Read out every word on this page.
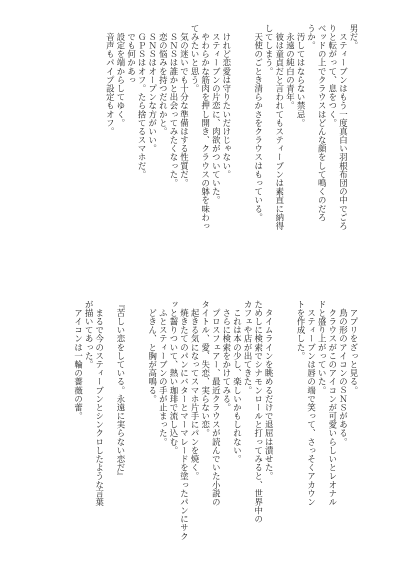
男だ。
　スティーブンはもう一度真白い羽根布団の中でごろ
りと転がって、息をつく。
ベッドの上でクラウスはどんな顔をして鳴くのだろ
うか。
　汚してはならない禁忌。
　永遠の純白の青年。
　彼は童貞だと言われてもスティーブンは素直に納得
してしまう。
　天使のごとき清らかさをクラウスはもっている。

　けれど恋愛は守りたいだけじゃない。
　スティーブンの片恋に、肉欲がついていた。
　やわらかな筋肉を押し開き、クラウスの躰を味わっ
てみたいと思う。
　気の迷いでも十分な準備はする性質だ。
　ＳＮＳは誰かと出会ってみたくなった。
　恋の悩みを持つだれかと。
　ＳＮＳはオープンな方がいい。
　ＧＰＳはオフ。たら捨てるスマホだ。
　でも何かあっ
　設定を端からしてゆく。
　音声もパイプ設定もオフ。
　アプリをざっと見る。
　鳥の形のアイコンのＳＮＳがある。
　クラウスがこのアイコンが可愛いらしいとレオナル
ドと盛り上がっていた。
　スティーブンは唇の端で笑って、さっそくアカウン
トを作成した。

　タイムラインを眺めるだけで退屈は潰せた。
ためしに検索でシナモンロールと打ってみると、世界中の
カフェや店が出てきた。
　これは本の少し、楽しいかもしれない。
　さらに検索をかけてみる。
　プロスフェアー、最近クラウスが読んでいた小説の
タイトル、愛、失恋、実らない恋。
　起きる気になってスマホ片手にパンを焼く。
　焼きたてのパンにバターとマーマレードを塗ったパンにサク
ッと齧りついて、熱い珈琲で流し込む。
　ふとスティーブンの手が止まった。
　どきん、と胸が高鳴る。

『苦しい恋をしている。永遠に実らない恋だ』

　まるで今のスティーブンとシンクロしたような言葉
が描いてあった。
　アイコンは一輪の薔薇の蕾。
